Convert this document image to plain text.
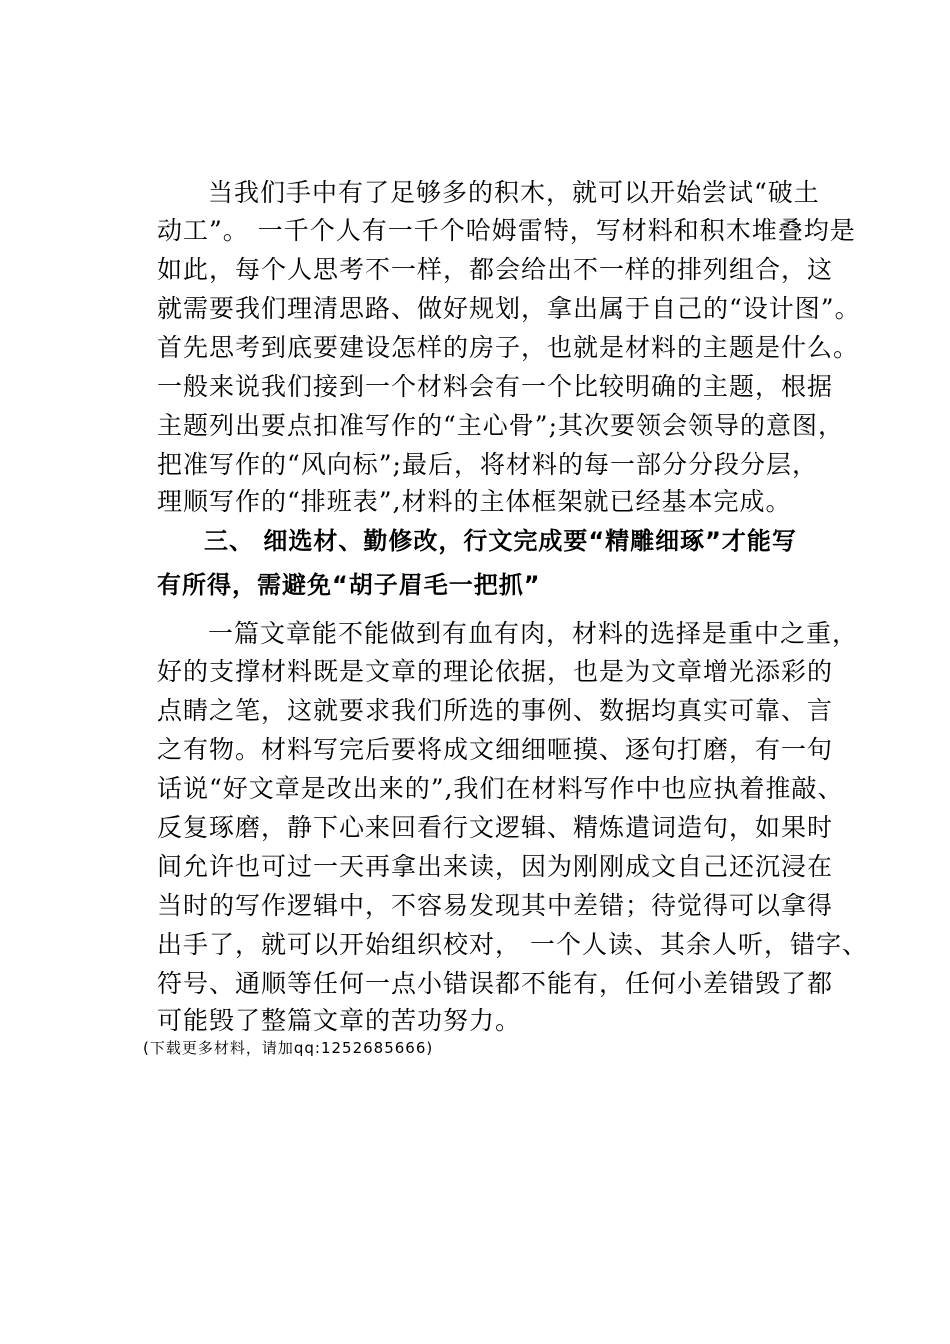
当我们手中有了足够多的积木，就可以开始尝试“破土
动工”。 一千个人有一千个哈姆雷特，写材料和积木堆叠均是
如此，每个人思考不一样，都会给出不一样的排列组合，这
就需要我们理清思路、做好规划，拿出属于自己的“设计图”。
首先思考到底要建设怎样的房子，也就是材料的主题是什么。
一般来说我们接到一个材料会有一个比较明确的主题，根据
主题列出要点扣准写作的“主心骨”;其次要领会领导的意图，
把准写作的“风向标”;最后，将材料的每一部分分段分层，
理顺写作的“排班表”,材料的主体框架就已经基本完成。
三、 细选材、勤修改，行文完成要“精雕细琢”才能写
有所得，需避免“胡子眉毛一把抓”
一篇文章能不能做到有血有肉，材料的选择是重中之重，
好的支撑材料既是文章的理论依据，也是为文章增光添彩的
点睛之笔，这就要求我们所选的事例、数据均真实可靠、言
之有物。材料写完后要将成文细细咂摸、逐句打磨，有一句
话说“好文章是改出来的”,我们在材料写作中也应执着推敲、
反复琢磨，静下心来回看行文逻辑、精炼遣词造句，如果时
间允许也可过一天再拿出来读，因为刚刚成文自己还沉浸在
当时的写作逻辑中，不容易发现其中差错；待觉得可以拿得
出手了，就可以开始组织校对， 一个人读、其余人听，错字、
符号、通顺等任何一点小错误都不能有，任何小差错毁了都
可能毁了整篇文章的苦功努力。
(下载更多材料，请加qq:1252685666)
